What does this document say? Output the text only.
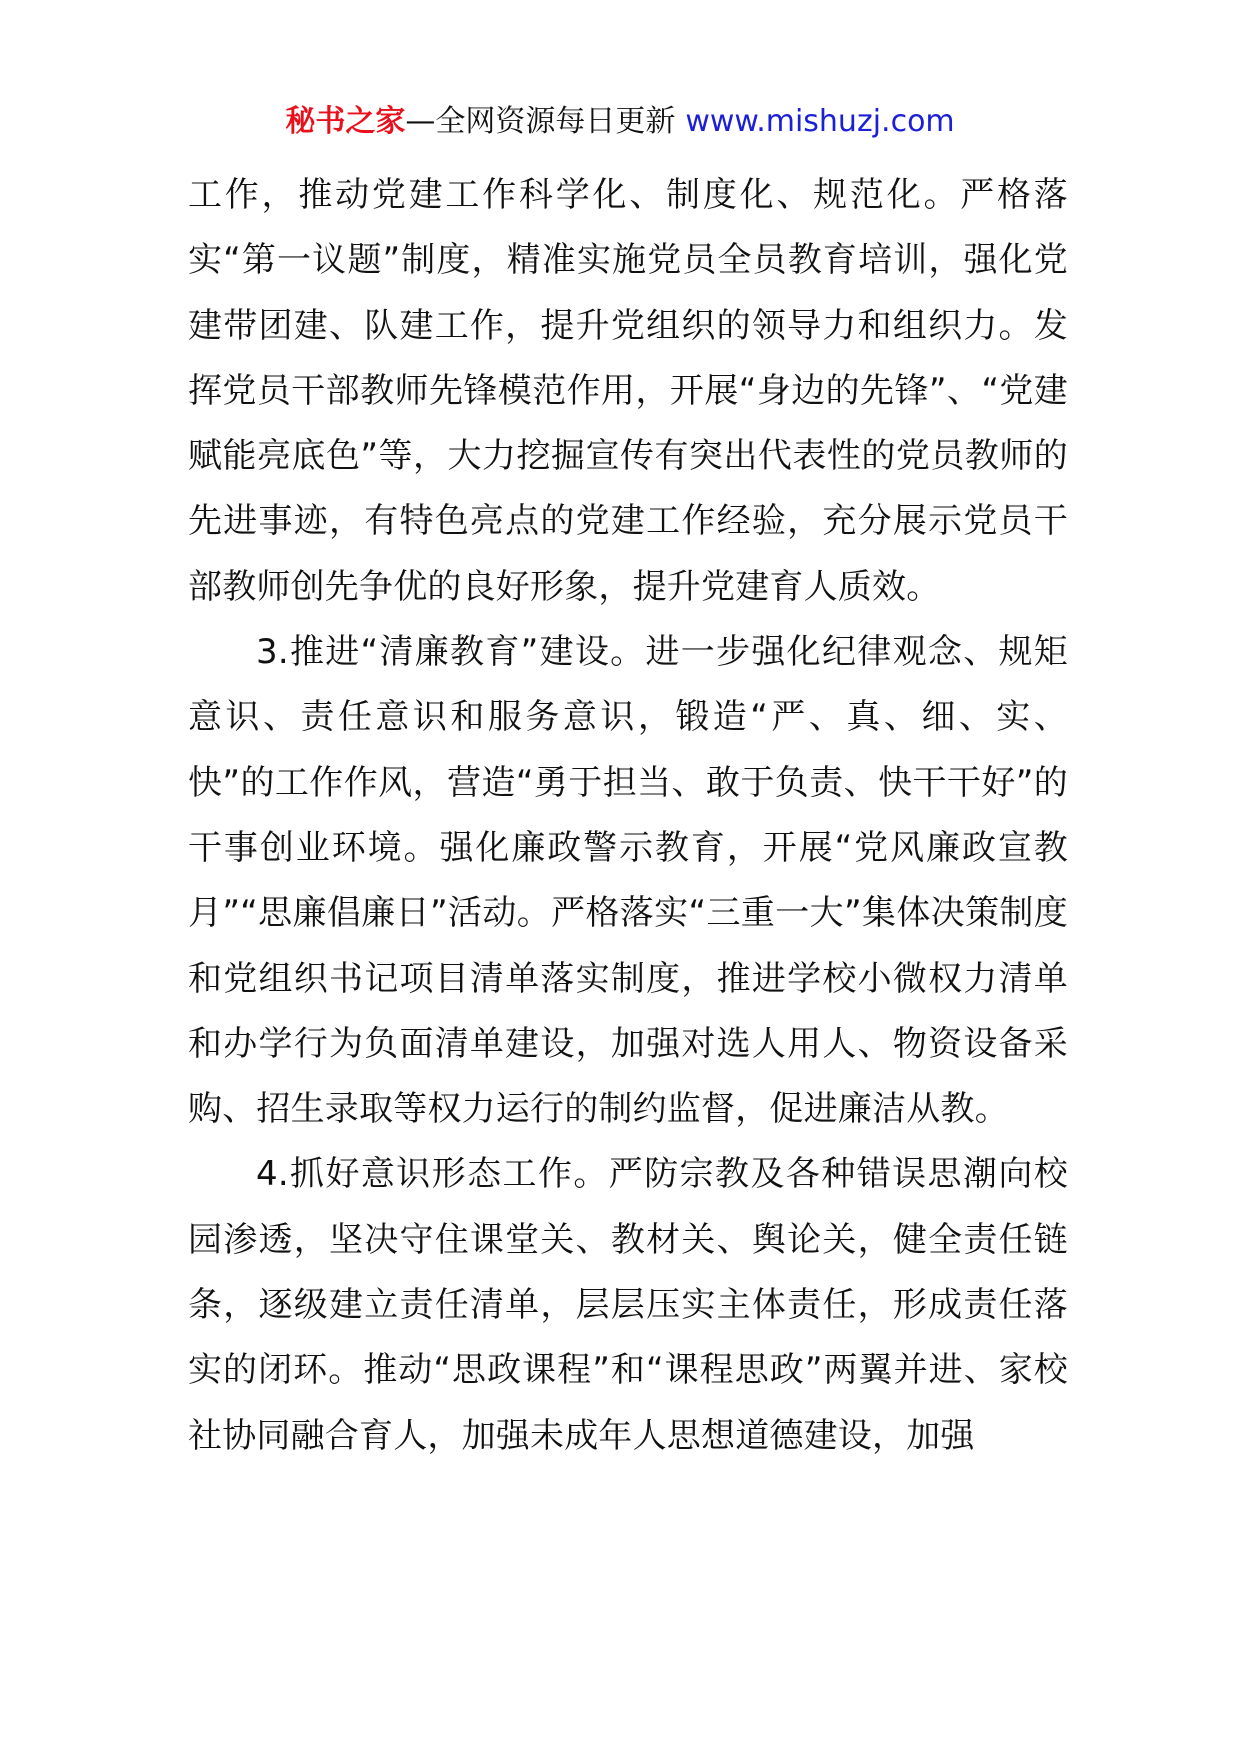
秘书之家—全网资源每日更新 www.mishuzj.com

工作，推动党建工作科学化、制度化、规范化。严格落实“第一议题”制度，精准实施党员全员教育培训，强化党建带团建、队建工作，提升党组织的领导力和组织力。发挥党员干部教师先锋模范作用，开展“身边的先锋”、“党建赋能亮底色”等，大力挖掘宣传有突出代表性的党员教师的先进事迹，有特色亮点的党建工作经验，充分展示党员干部教师创先争优的良好形象，提升党建育人质效。

3.推进“清廉教育”建设。进一步强化纪律观念、规矩意识、责任意识和服务意识，锻造“严、真、细、实、快”的工作作风，营造“勇于担当、敢于负责、快干干好”的干事创业环境。强化廉政警示教育，开展“党风廉政宣教月”“思廉倡廉日”活动。严格落实“三重一大”集体决策制度和党组织书记项目清单落实制度，推进学校小微权力清单和办学行为负面清单建设，加强对选人用人、物资设备采购、招生录取等权力运行的制约监督，促进廉洁从教。

4.抓好意识形态工作。严防宗教及各种错误思潮向校园渗透，坚决守住课堂关、教材关、舆论关，健全责任链条，逐级建立责任清单，层层压实主体责任，形成责任落实的闭环。推动“思政课程”和“课程思政”两翼并进、家校社协同融合育人，加强未成年人思想道德建设，加强
